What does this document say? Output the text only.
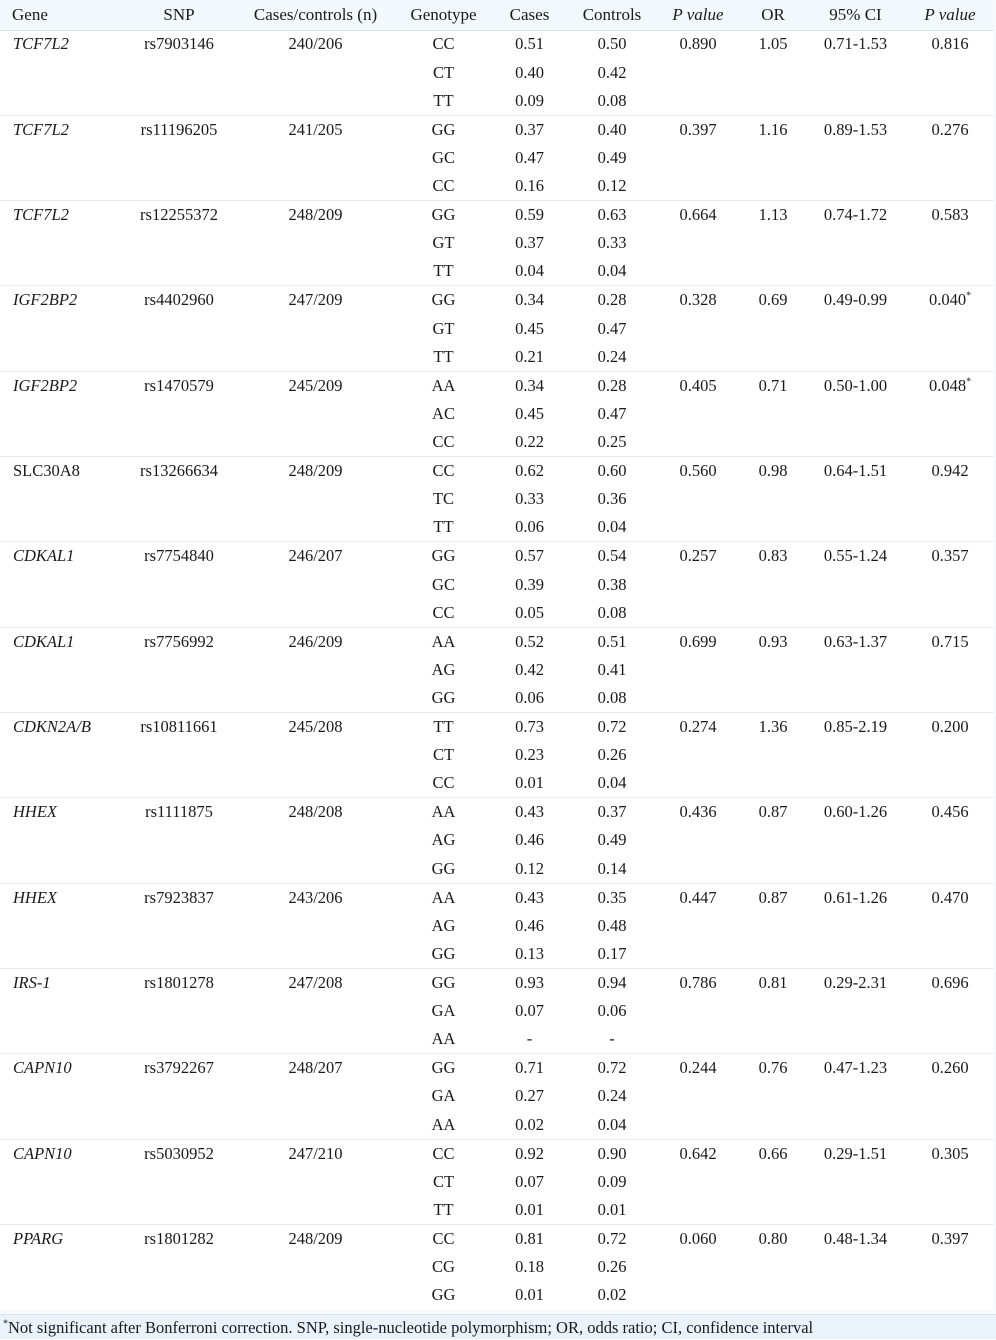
Gene	SNP	Cases/controls (n)	Genotype	Cases	Controls	P value	OR	95% CI	P value
TCF7L2	rs7903146	240/206	CC	0.51	0.50	0.890	1.05	0.71-1.53	0.816
			CT	0.40	0.42				
			TT	0.09	0.08				
TCF7L2	rs11196205	241/205	GG	0.37	0.40	0.397	1.16	0.89-1.53	0.276
			GC	0.47	0.49				
			CC	0.16	0.12				
TCF7L2	rs12255372	248/209	GG	0.59	0.63	0.664	1.13	0.74-1.72	0.583
			GT	0.37	0.33				
			TT	0.04	0.04				
IGF2BP2	rs4402960	247/209	GG	0.34	0.28	0.328	0.69	0.49-0.99	0.040*
			GT	0.45	0.47				
			TT	0.21	0.24				
IGF2BP2	rs1470579	245/209	AA	0.34	0.28	0.405	0.71	0.50-1.00	0.048*
			AC	0.45	0.47				
			CC	0.22	0.25				
SLC30A8	rs13266634	248/209	CC	0.62	0.60	0.560	0.98	0.64-1.51	0.942
			TC	0.33	0.36				
			TT	0.06	0.04				
CDKAL1	rs7754840	246/207	GG	0.57	0.54	0.257	0.83	0.55-1.24	0.357
			GC	0.39	0.38				
			CC	0.05	0.08				
CDKAL1	rs7756992	246/209	AA	0.52	0.51	0.699	0.93	0.63-1.37	0.715
			AG	0.42	0.41				
			GG	0.06	0.08				
CDKN2A/B	rs10811661	245/208	TT	0.73	0.72	0.274	1.36	0.85-2.19	0.200
			CT	0.23	0.26				
			CC	0.01	0.04				
HHEX	rs1111875	248/208	AA	0.43	0.37	0.436	0.87	0.60-1.26	0.456
			AG	0.46	0.49				
			GG	0.12	0.14				
HHEX	rs7923837	243/206	AA	0.43	0.35	0.447	0.87	0.61-1.26	0.470
			AG	0.46	0.48				
			GG	0.13	0.17				
IRS-1	rs1801278	247/208	GG	0.93	0.94	0.786	0.81	0.29-2.31	0.696
			GA	0.07	0.06				
			AA	-	-				
CAPN10	rs3792267	248/207	GG	0.71	0.72	0.244	0.76	0.47-1.23	0.260
			GA	0.27	0.24				
			AA	0.02	0.04				
CAPN10	rs5030952	247/210	CC	0.92	0.90	0.642	0.66	0.29-1.51	0.305
			CT	0.07	0.09				
			TT	0.01	0.01				
PPARG	rs1801282	248/209	CC	0.81	0.72	0.060	0.80	0.48-1.34	0.397
			CG	0.18	0.26				
			GG	0.01	0.02				
*Not significant after Bonferroni correction. SNP, single-nucleotide polymorphism; OR, odds ratio; CI, confidence interval
